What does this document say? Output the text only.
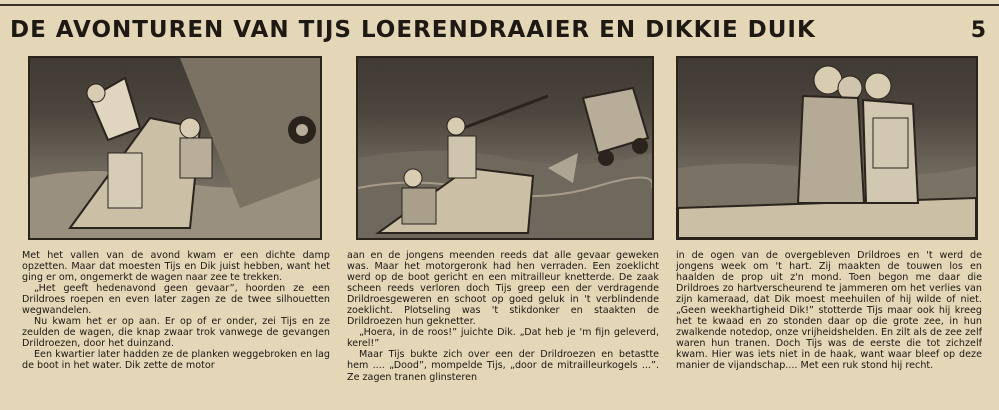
DE AVONTUREN VAN TIJS LOERENDRAAIER EN DIKKIE DUIK	5

Met het vallen van de avond kwam er een dichte damp opzetten. Maar dat moesten Tijs en Dik juist hebben, want het ging er om, ongemerkt de wagen naar zee te trekken.

„Het geeft hedenavond geen gevaar”, hoorden ze een Drildroes roepen en even later zagen ze de twee silhouetten wegwandelen.

Nu kwam het er op aan. Er op of er onder, zei Tijs en ze zeulden de wagen, die knap zwaar trok vanwege de gevangen Drildroezen, door het duinzand.

Een kwartier later hadden ze de planken weggebroken en lag de boot in het water. Dik zette de motor

aan en de jongens meenden reeds dat alle gevaar geweken was. Maar het motorgeronk had hen verraden. Een zoeklicht werd op de boot gericht en een mitrailleur knetterde. De zaak scheen reeds verloren doch Tijs greep een der verdragende Drildroesgeweren en schoot op goed geluk in 't verblindende zoeklicht. Plotseling was 't stikdonker en staakten de Drildroezen hun geknetter.

„Hoera, in de roos!” juichte Dik. „Dat heb je 'm fijn geleverd, kerel!”

Maar Tijs bukte zich over een der Drildroezen en betastte hem .... „Dood”, mompelde Tijs, „door de mitrailleurkogels ...”. Ze zagen tranen glinsteren

in de ogen van de overgebleven Drildroes en 't werd de jongens week om 't hart. Zij maakten de touwen los en haalden de prop uit z'n mond. Toen begon me daar die Drildroes zo hartverscheurend te jammeren om het verlies van zijn kameraad, dat Dik moest meehuilen of hij wilde of niet. „Geen weekhartigheid Dik!” stotterde Tijs maar ook hij kreeg het te kwaad en zo stonden daar op die grote zee, in hun zwalkende notedop, onze vrijheidshelden. En zilt als de zee zelf waren hun tranen. Doch Tijs was de eerste die tot zichzelf kwam. Hier was iets niet in de haak, want waar bleef op deze manier de vijandschap.... Met een ruk stond hij recht.
